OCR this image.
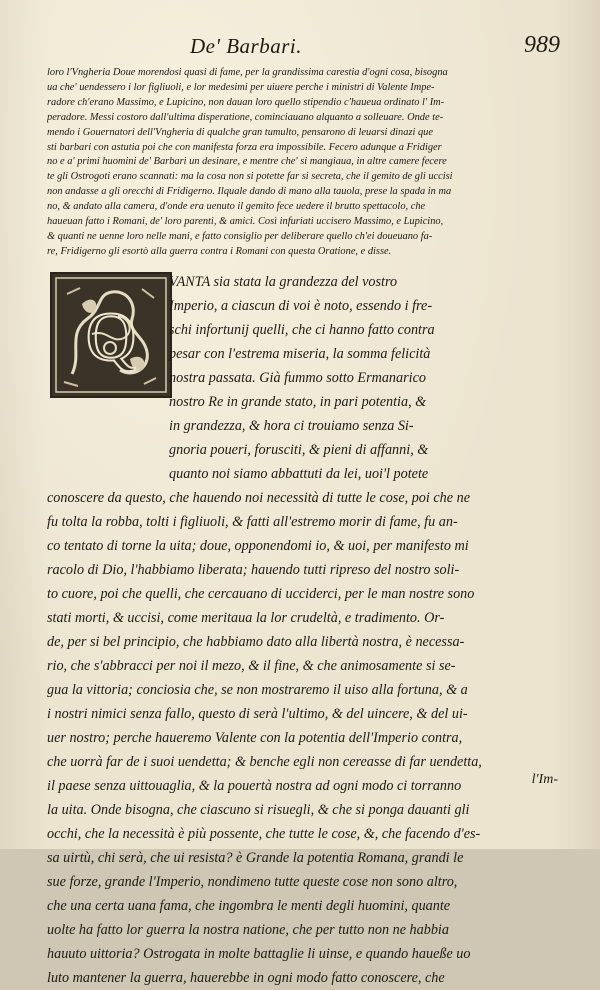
De' Barbari.	989
loro l'Vngheria Doue morendosi quasi di fame, per la grandissima carestia d'ogni cosa, bisogna
ua che' uendessero i lor figliuoli, e lor medesimi per uiuere perche i ministri di Valente Impe-
radore ch'erano Massimo, e Lupicino, non dauan loro quello stipendio c'haueua ordinato l' Im-
peradore. Messi costoro dall'ultima disperatione, cominciauano alquanto a solleuare. Onde te-
mendo i Gouernatori dell'Vngheria di qualche gran tumulto, pensarono di leuarsi dinazi que
sti barbari con astutia poi che con manifesta forza era impossibile. Fecero adunque a Fridiger
no e a' primi huomini de' Barbari un desinare, e mentre che' si mangiaua, in altre camere fecere
te gli Ostrogoti erano scannati: ma la cosa non si potette far si secreta, che il gemito de gli uccisi
non andasse a gli orecchi di Fridigerno. Ilquale dando di mano alla tauola, prese la spada in ma
no, & andato alla camera, d'onde era uenuto il gemito fece uedere il brutto spettacolo, che
haueuan fatto i Romani, de' loro parenti, & amici. Così infuriati uccisero Massimo, e Lupicino,
& quanti ne uenne loro nelle mani, e fatto consiglio per deliberare quello ch'ei doueuano fa-
re, Fridigerno gli esortò alla guerra contra i Romani con questa Oratione, e disse.
Q
VANTA sia stata la grandezza del vostro
Imperio, a ciascun di voi è noto, essendo i fre-
schi infortunij quelli, che ci hanno fatto contra
pesar con l'estrema miseria, la somma felicità
nostra passata. Già fummo sotto Ermanarico
nostro Re in grande stato, in pari potentia, &
in grandezza, & hora ci trouiamo senza Si-
gnoria poueri, forusciti, & pieni di affanni, &
quanto noi siamo abbattuti da lei, uoi'l potete
conoscere da questo, che hauendo noi necessità di tutte le cose, poi che ne
fu tolta la robba, tolti i figliuoli, & fatti all'estremo morir di fame, fu an-
co tentato di torne la uita; doue, opponendomi io, & uoi, per manifesto mi
racolo di Dio, l'habbiamo liberata; hauendo tutti ripreso del nostro soli-
to cuore, poi che quelli, che cercauano di ucciderci, per le man nostre sono
stati morti, & uccisi, come meritaua la lor crudeltà, e tradimento. Or-
de, per si bel principio, che habbiamo dato alla libertà nostra, è necessa-
rio, che s'abbracci per noi il mezo, & il fine, & che animosamente si se-
gua la vittoria; conciosia che, se non mostraremo il uiso alla fortuna, & a
i nostri nimici senza fallo, questo di serà l'ultimo, & del uincere, & del ui-
uer nostro; perche haueremo Valente con la potentia dell'Imperio contra,
che uorrà far de i suoi uendetta; & benche egli non cereasse di far uendetta,
il paese senza uittouaglia, & la pouertà nostra ad ogni modo ci torranno
la uita. Onde bisogna, che ciascuno si risuegli, & che si ponga dauanti gli
occhi, che la necessità è più possente, che tutte le cose, &, che facendo d'es-
sa uirtù, chi serà, che ui resista? è Grande la potentia Romana, grandi le
sue forze, grande l'Imperio, nondimeno tutte queste cose non sono altro,
che una certa uana fama, che ingombra le menti degli huomini, quante
uolte ha fatto lor guerra la nostra natione, che per tutto non ne habbia
hauuto uittoria? Ostrogata in molte battaglie li uinse, e quando haueße uo
luto mantener la guerra, hauerebbe in ogni modo fatto conoscere, che
l'Im-
